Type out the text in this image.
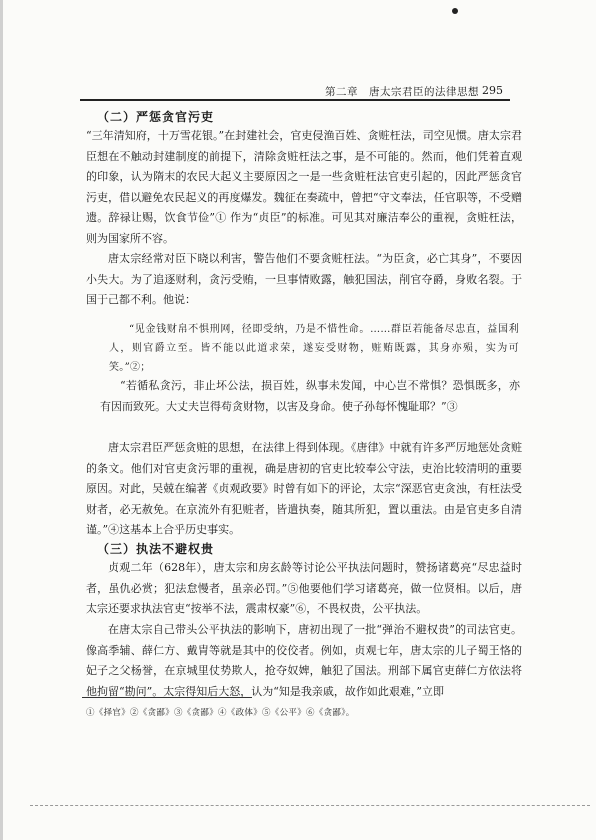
第二章　唐太宗君臣的法律思想 295
（二）严惩贪官污吏

“三年清知府，十万雪花银。”在封建社会，官吏侵渔百姓、贪赃枉法，司空见惯。唐太宗君臣想在不触动封建制度的前提下，清除贪赃枉法之事，是不可能的。然而，他们凭着直观的印象，认为隋末的农民大起义主要原因之一是一些贪赃枉法官吏引起的，因此严惩贪官污吏，借以避免农民起义的再度爆发。魏征在奏疏中，曾把“守文奉法，任官职等，不受赠遗。辞禄让赐，饮食节俭”① 作为“贞臣”的标准。可见其对廉洁奉公的重视，贪赃枉法，则为国家所不容。

唐太宗经常对臣下晓以利害，警告他们不要贪赃枉法。“为臣贪，必亡其身”，不要因小失大。为了追逐财利，贪污受贿，一旦事情败露，触犯国法，削官夺爵，身败名裂。于国于己都不利。他说：

“见金钱财帛不惧刑网，径即受纳，乃是不惜性命。……群臣若能备尽忠直，益国利人，则官爵立至。皆不能以此道求荣，遂妄受财物，赃贿既露，其身亦殒，实为可笑。”②；

“若循私贪污，非止坏公法，损百姓，纵事未发闻，中心岂不常惧？恐惧既多，亦有因而致死。大丈夫岂得苟贪财物，以害及身命。使子孙每怀愧耻耶？”③

唐太宗君臣严惩贪赃的思想，在法律上得到体现。《唐律》中就有许多严厉地惩处贪赃的条文。他们对官吏贪污罪的重视，确是唐初的官吏比较奉公守法，吏治比较清明的重要原因。对此，吴兢在编著《贞观政要》时曾有如下的评论，太宗“深恶官吏贪浊，有枉法受财者，必无赦免。在京流外有犯赃者，皆遣执奏，随其所犯，置以重法。由是官吏多自清谨。”④这基本上合乎历史事实。

（三）执法不避权贵

贞观二年（628年），唐太宗和房玄龄等讨论公平执法问题时，赞扬诸葛亮“尽忠益时者，虽仇必赏；犯法怠慢者，虽亲必罚。”⑤他要他们学习诸葛亮，做一位贤相。以后，唐太宗还要求执法官吏“按举不法，震肃权豪”⑥，不畏权贵，公平执法。

在唐太宗自己带头公平执法的影响下，唐初出现了一批“弹治不避权贵”的司法官吏。像高季辅、薛仁方、戴胄等就是其中的佼佼者。例如，贞观七年，唐太宗的儿子蜀王恪的妃子之父杨誉，在京城里仗势欺人，抢夺奴婢，触犯了国法。刑部下属官吏薛仁方依法将他拘留“勘问”。太宗得知后大怒，认为“知是我亲戚，故作如此艰难，”立即

①《择官》②《贪鄙》③《贪鄙》④《政体》⑤《公平》⑥《贪鄙》。
